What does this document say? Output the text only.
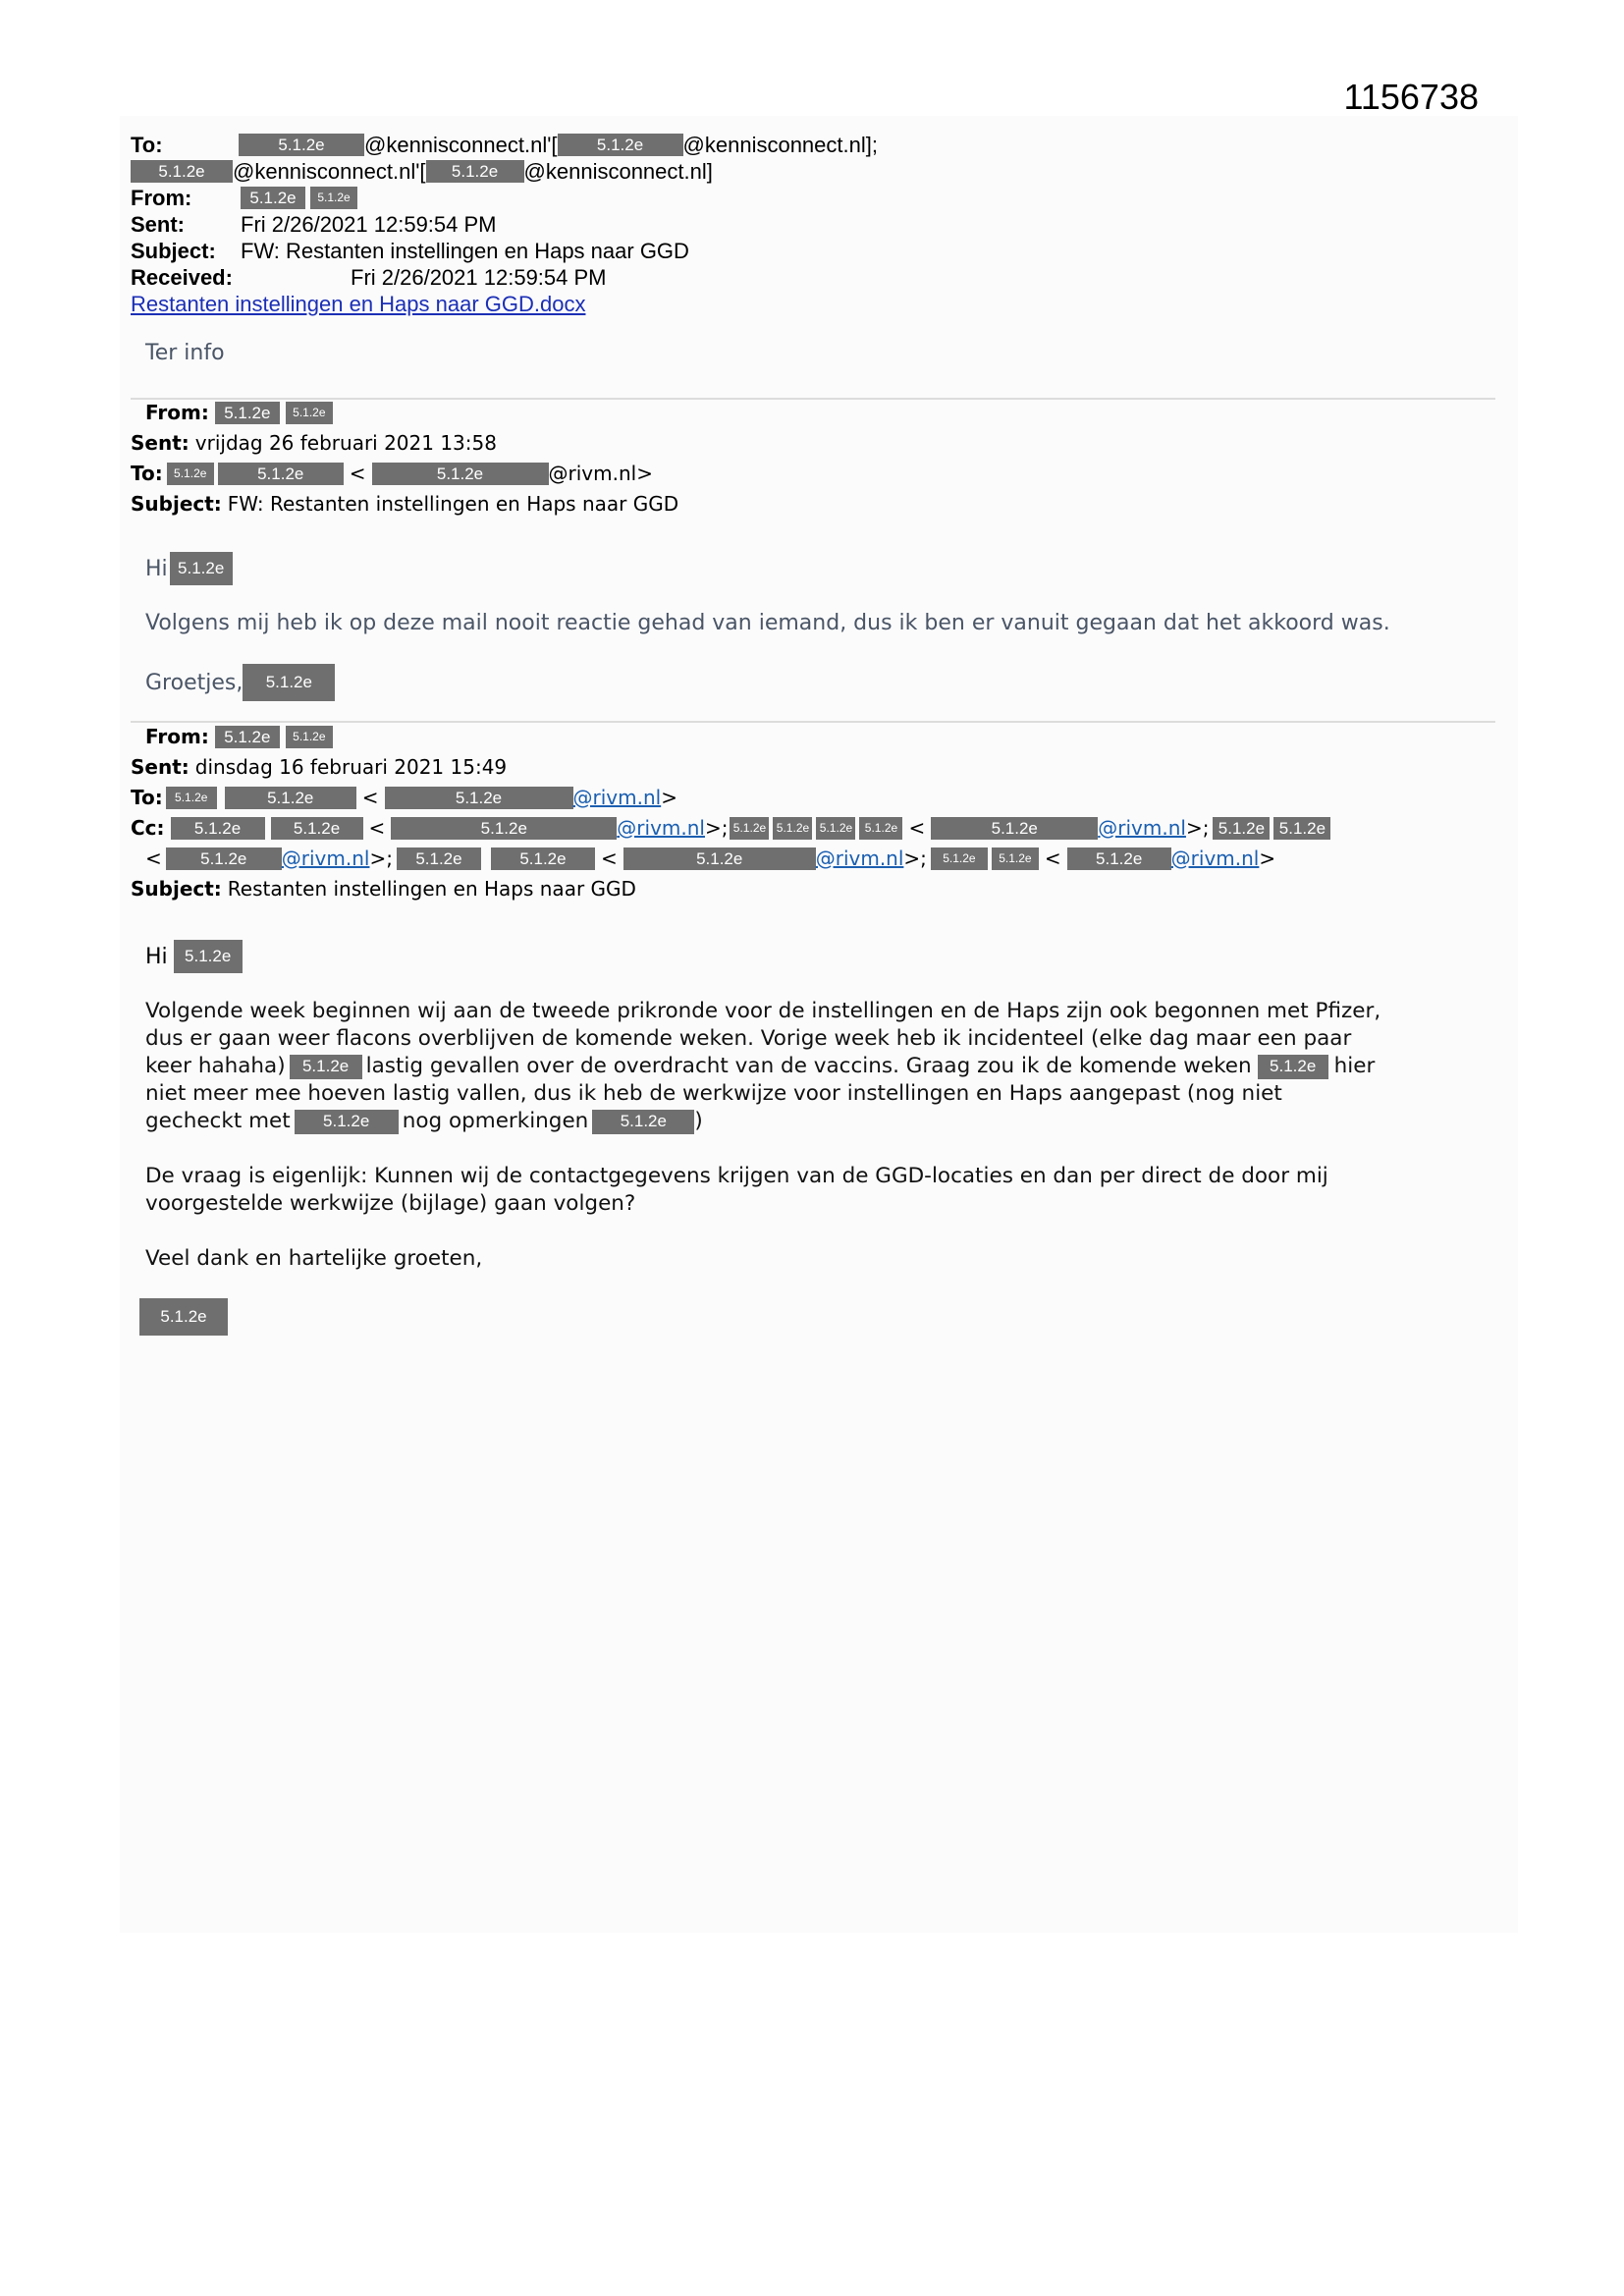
1156738
To:	5.1.2e	@kennisconnect.nl'[	5.1.2e	@kennisconnect.nl];
5.1.2e	@kennisconnect.nl'[	5.1.2e	@kennisconnect.nl]
From:	5.1.2e	5.1.2e
Sent:	Fri 2/26/2021 12:59:54 PM
Subject:	FW: Restanten instellingen en Haps naar GGD
Received:	Fri 2/26/2021 12:59:54 PM
Restanten instellingen en Haps naar GGD.docx
Ter info
From: 5.1.2e	5.1.2e
Sent: vrijdag 26 februari 2021 13:58
To: 5.1.2e	5.1.2e	<	5.1.2e	@rivm.nl>
Subject: FW: Restanten instellingen en Haps naar GGD
Hi 5.1.2e
Volgens mij heb ik op deze mail nooit reactie gehad van iemand, dus ik ben er vanuit gegaan dat het akkoord was.
Groetjes,	5.1.2e
From: 5.1.2e	5.1.2e
Sent: dinsdag 16 februari 2021 15:49
To:	5.1.2e	5.1.2e	<	5.1.2e	@rivm.nl >
Cc:	5.1.2e	5.1.2e	<	5.1.2e	@rivm.nl >; 5.1.2e 5.1.2e 5.1.2e	5.1.2e <	5.1.2e	@rivm.nl >; 5.1.2e 5.1.2e
<	5.1.2e	@rivm.nl >;	5.1.2e	5.1.2e	<	5.1.2e	@rivm.nl >;	5.1.2e	5.1.2e <	5.1.2e	@rivm.nl >
Subject: Restanten instellingen en Haps naar GGD
Hi	5.1.2e

Volgende week beginnen wij aan de tweede prikronde voor de instellingen en de Haps zijn ook begonnen met Pfizer,

dus er gaan weer flacons overblijven de komende weken. Vorige week heb ik incidenteel (elke dag maar een paar

keer hahaha)	5.1.2e lastig gevallen over de overdracht van de vaccins. Graag zou ik de komende weken	5.1.2e hier

niet meer mee hoeven lastig vallen, dus ik heb de werkwijze voor instellingen en Haps aangepast (nog niet

gecheckt met	5.1.2e	nog opmerkingen	5.1.2e	)

De vraag is eigenlijk: Kunnen wij de contactgegevens krijgen van de GGD-locaties en dan per direct de door mij

voorgestelde werkwijze (bijlage) gaan volgen?

Veel dank en hartelijke groeten,

5.1.2e
